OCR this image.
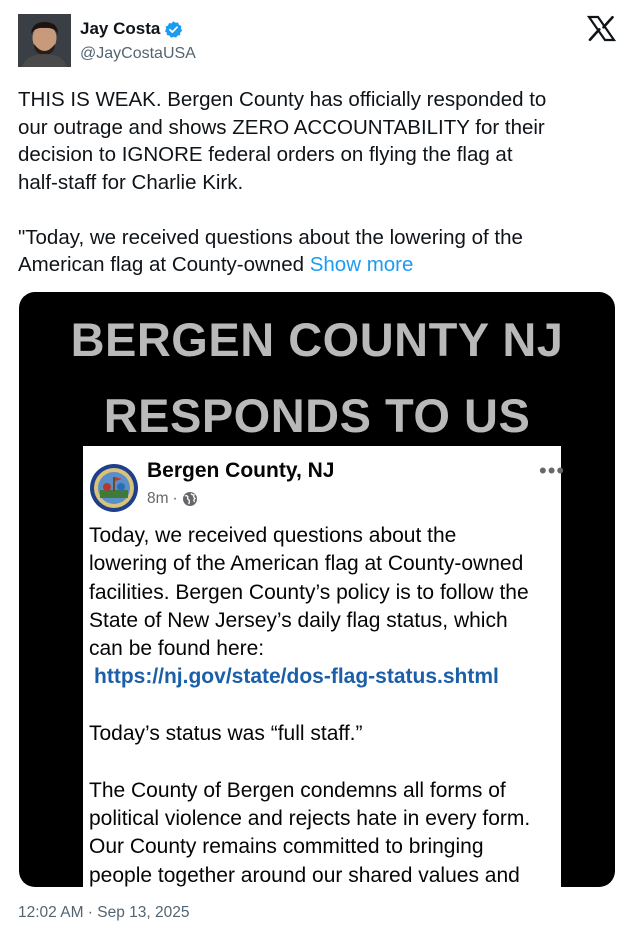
Jay Costa
@JayCostaUSA

THIS IS WEAK. Bergen County has officially responded to
our outrage and shows ZERO ACCOUNTABILITY for their
decision to IGNORE federal orders on flying the flag at
half-staff for Charlie Kirk.

"Today, we received questions about the lowering of the
American flag at County-owned Show more

BERGEN COUNTY NJ
RESPONDS TO US
Bergen County, NJ
8m ·
•••

Today, we received questions about the
lowering of the American flag at County-owned
facilities. Bergen County’s policy is to follow the
State of New Jersey’s daily flag status, which
can be found here:

https://nj.gov/state/dos-flag-status.shtml

Today’s status was “full staff.”

The County of Bergen condemns all forms of
political violence and rejects hate in every form.
Our County remains committed to bringing
people together around our shared values and

12:02 AM · Sep 13, 2025
